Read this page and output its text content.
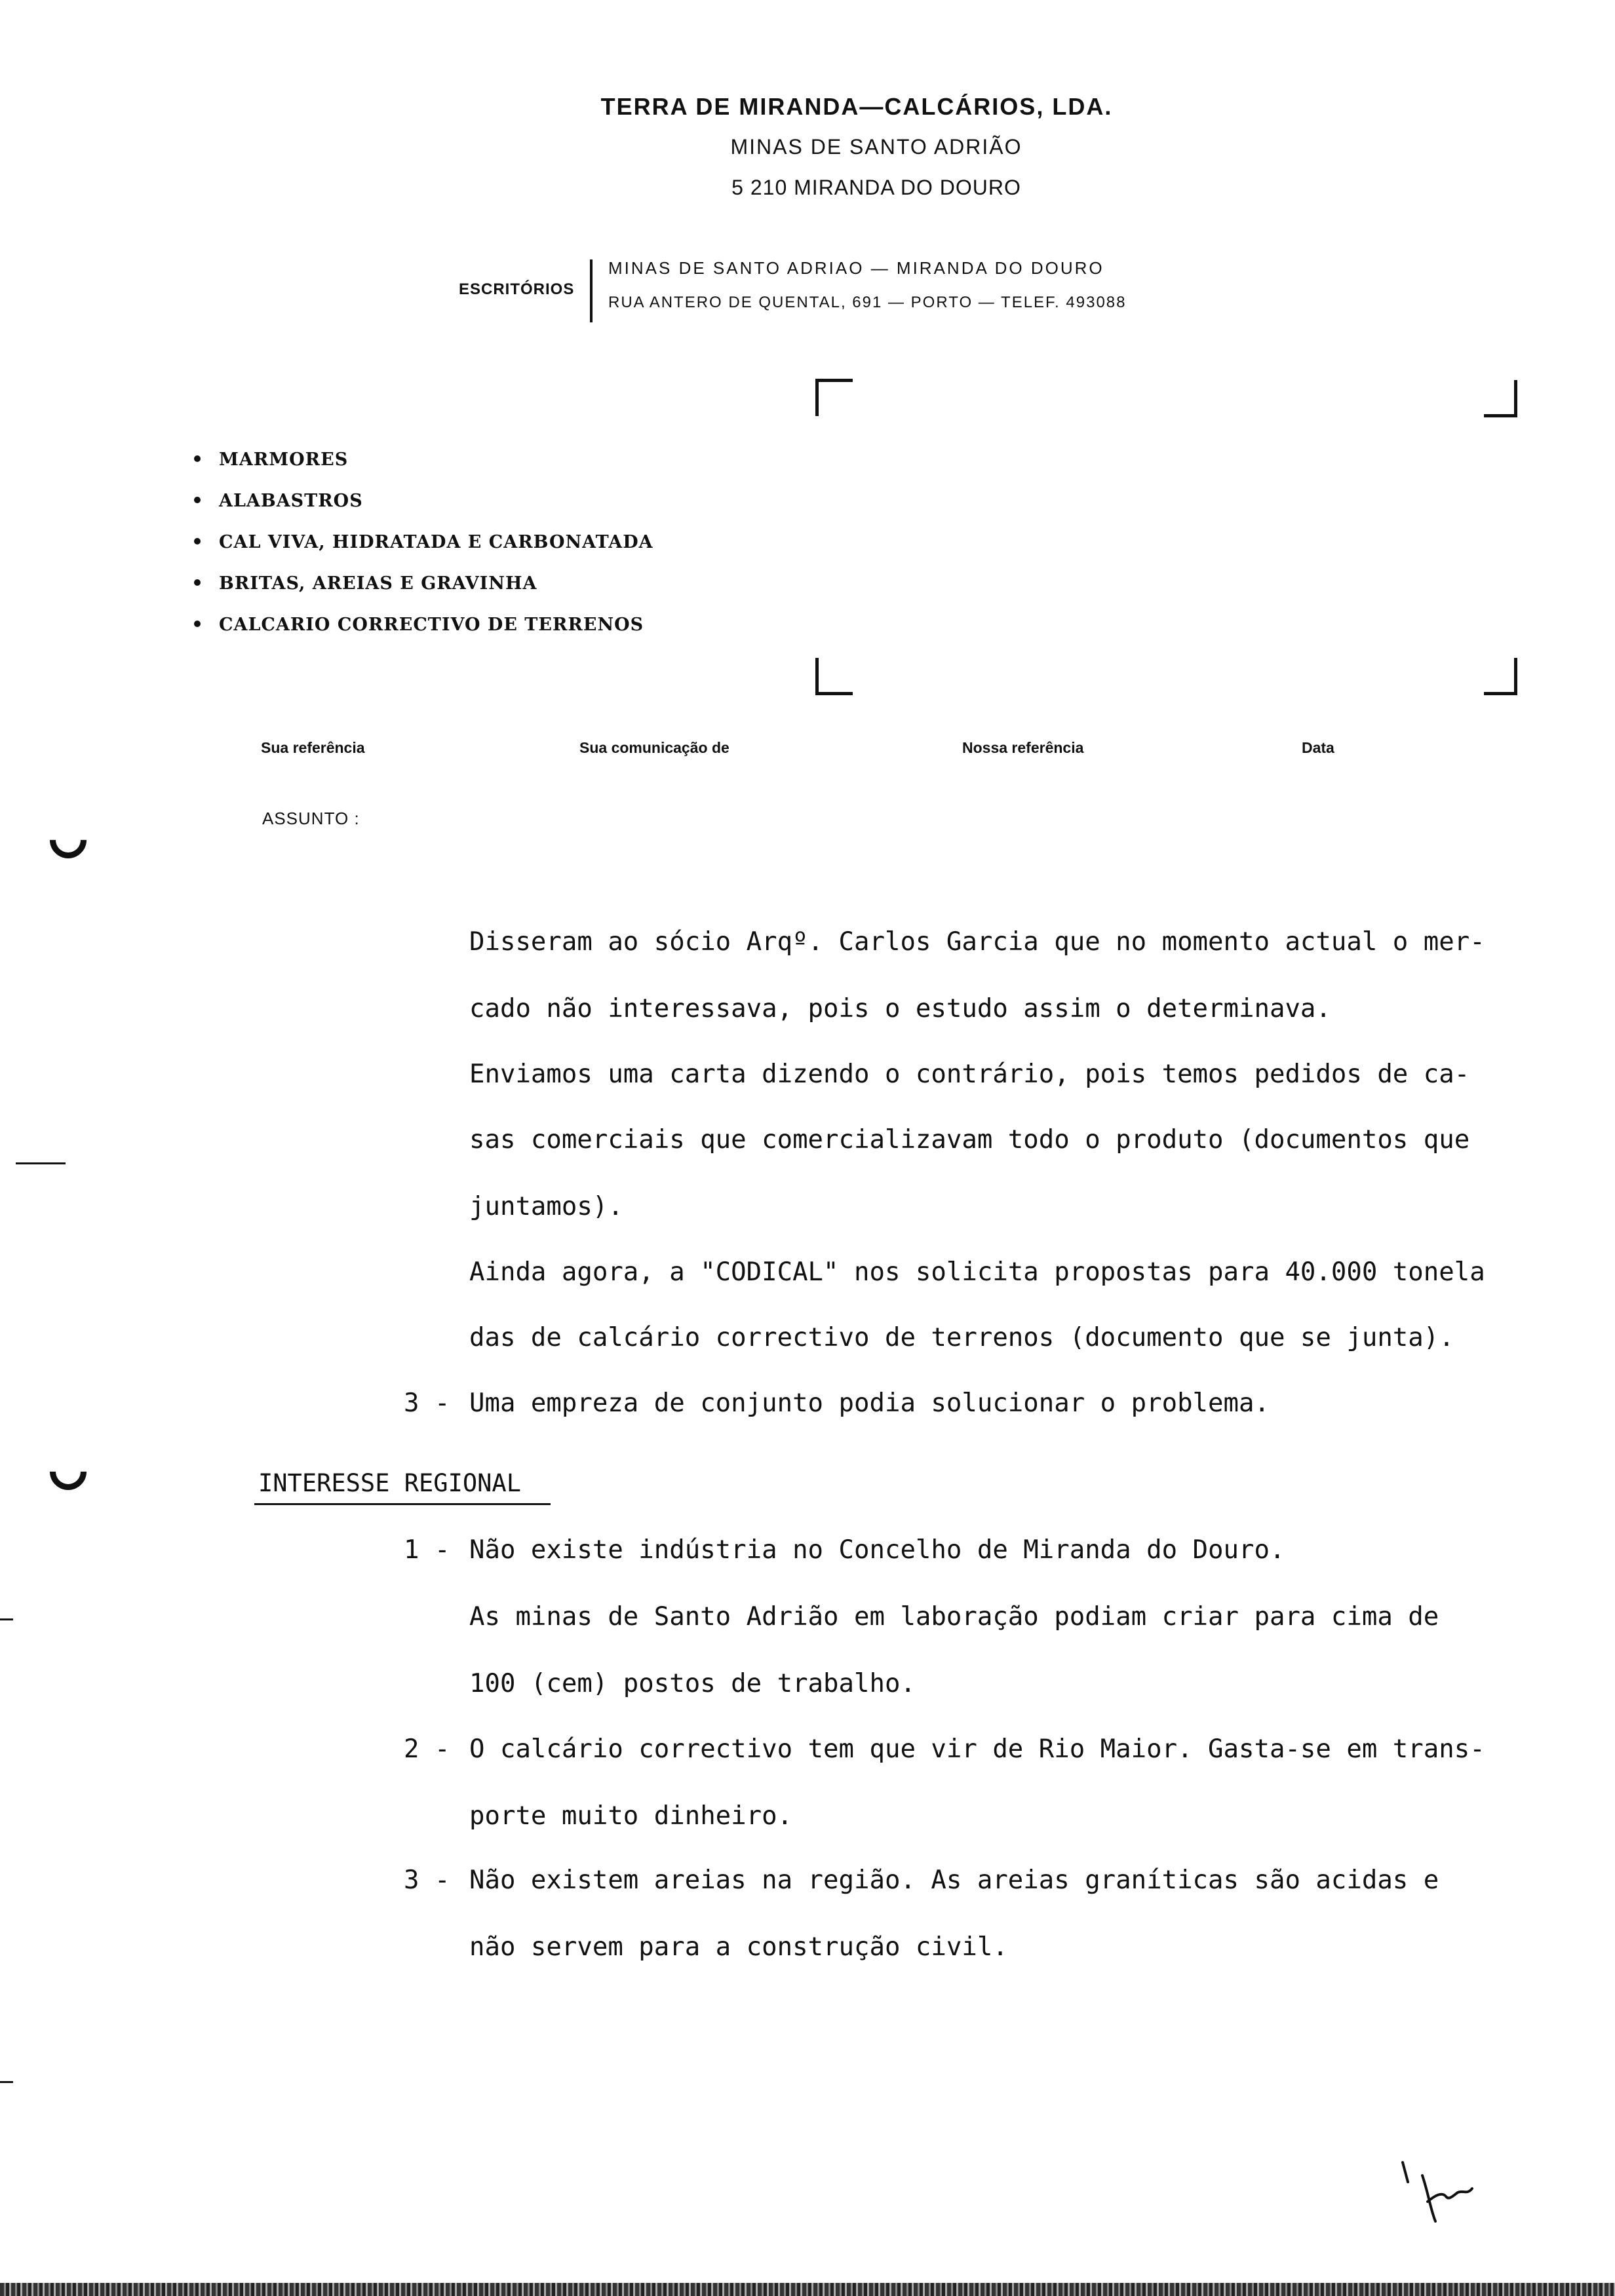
TERRA DE MIRANDA—CALCÁRIOS, LDA.
MINAS DE SANTO ADRIÃO
5 210 MIRANDA DO DOURO
ESCRITÓRIOS
MINAS DE SANTO ADRIAO — MIRANDA DO DOURO
RUA ANTERO DE QUENTAL, 691 — PORTO — TELEF. 493088
MARMORES
ALABASTROS
CAL VIVA, HIDRATADA E CARBONATADA
BRITAS, AREIAS E GRAVINHA
CALCARIO CORRECTIVO DE TERRENOS
Sua referência	Sua comunicação de	Nossa referência	Data
ASSUNTO :
Disseram ao sócio Arqº. Carlos Garcia que no momento actual o mer-
cado não interessava, pois o estudo assim o determinava.
Enviamos uma carta dizendo o contrário, pois temos pedidos de ca-
sas comerciais que comercializavam todo o produto (documentos que
juntamos).
Ainda agora, a "CODICAL" nos solicita propostas para 40.000 tonela
das de calcário correctivo de terrenos (documento que se junta).
3 - Uma empreza de conjunto podia solucionar o problema.
INTERESSE REGIONAL
1 - Não existe indústria no Concelho de Miranda do Douro.
As minas de Santo Adrião em laboração podiam criar para cima de
100 (cem) postos de trabalho.
2 - O calcário correctivo tem que vir de Rio Maior. Gasta-se em trans-
porte muito dinheiro.
3 - Não existem areias na região. As areias graníticas são acidas e
não servem para a construção civil.
